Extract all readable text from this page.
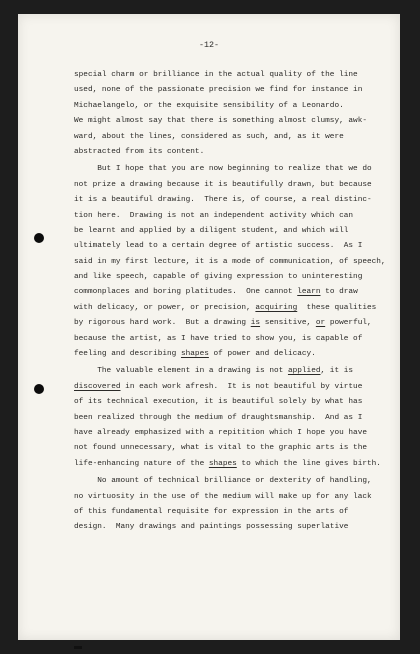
-12-
special charm or brilliance in the actual quality of the line
used, none of the passionate precision we find for instance in
Michaelangelo, or the exquisite sensibility of a Leonardo.
We might almost say that there is something almost clumsy, awk-
ward, about the lines, considered as such, and, as it were
abstracted from its content.
But I hope that you are now beginning to realize that we do
not prize a drawing because it is beautifully drawn, but because
it is a beautiful drawing.  There is, of course, a real distinc-
tion here.  Drawing is not an independent activity which can
be learnt and applied by a diligent student, and which will
ultimately lead to a certain degree of artistic success.  As I
said in my first lecture, it is a mode of communication, of speech,
and like speech, capable of giving expression to uninteresting
commonplaces and boring platitudes.  One cannot learn to draw
with delicacy, or power, or precision, acquiring  these qualities
by rigorous hard work.  But a drawing is sensitive, or powerful,
because the artist, as I have tried to show you, is capable of
feeling and describing shapes of power and delicacy.
The valuable element in a drawing is not applied, it is
discovered in each work afresh.  It is not beautiful by virtue
of its technical execution, it is beautiful solely by what has
been realized through the medium of draughtsmanship.  And as I
have already emphasized with a repitition which I hope you have
not found unnecessary, what is vital to the graphic arts is the
life-enhancing nature of the shapes to which the line gives birth.
No amount of technical brilliance or dexterity of handling,
no virtuosity in the use of the medium will make up for any lack
of this fundamental requisite for expression in the arts of
design.  Many drawings and paintings possessing superlative
